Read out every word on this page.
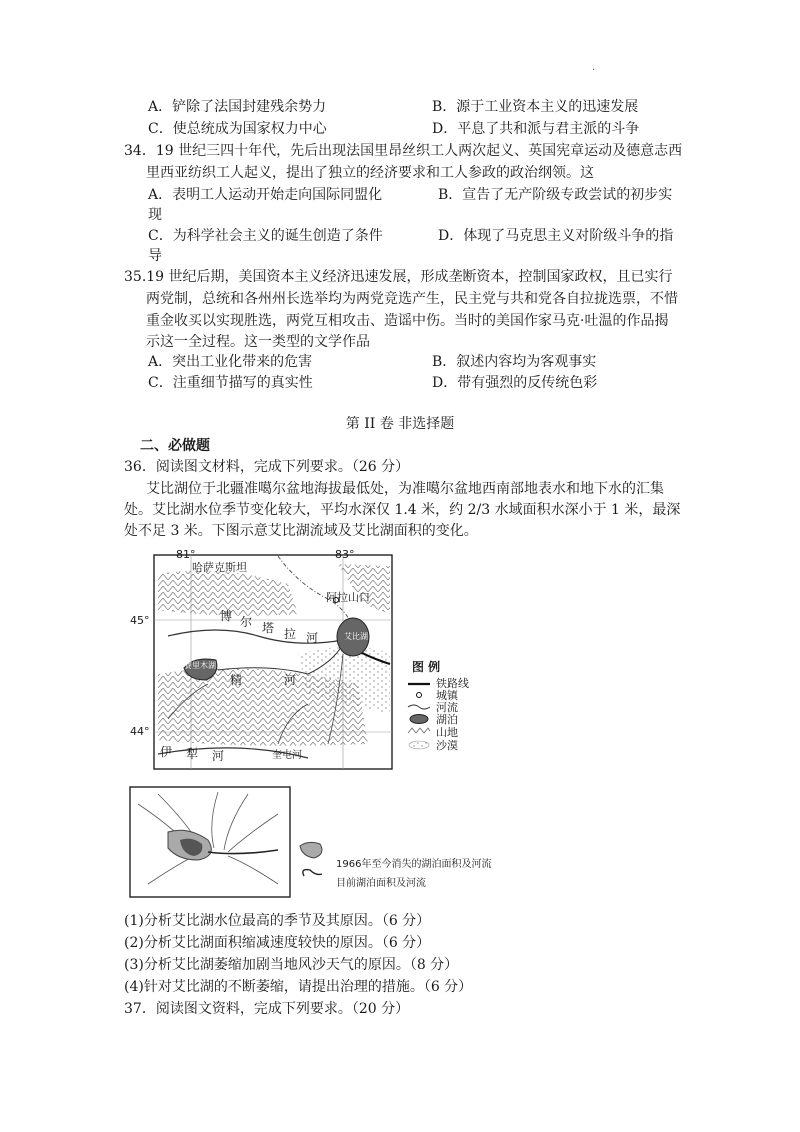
.
A．铲除了法国封建残余势力	B．源于工业资本主义的迅速发展
C．使总统成为国家权力中心	D．平息了共和派与君主派的斗争
34．19 世纪三四十年代，先后出现法国里昂丝织工人两次起义、英国宪章运动及德意志西
里西亚纺织工人起义，提出了独立的经济要求和工人参政的政治纲领。这
A．表明工人运动开始走向国际同盟化	B．宣告了无产阶级专政尝试的初步实
现
C．为科学社会主义的诞生创造了条件	D．体现了马克思主义对阶级斗争的指
导
35.19 世纪后期，美国资本主义经济迅速发展，形成垄断资本，控制国家政权，且已实行
两党制，总统和各州州长选举均为两党竞选产生，民主党与共和党各自拉拢选票，不惜
重金收买以实现胜选，两党互相攻击、造谣中伤。当时的美国作家马克·吐温的作品揭
示这一全过程。这一类型的文学作品
A．突出工业化带来的危害	B．叙述内容均为客观事实
C．注重细节描写的真实性	D．带有强烈的反传统色彩
第 II 卷 非选择题
二、必做题
36．阅读图文材料，完成下列要求。（26 分）
艾比湖位于北疆准噶尔盆地海拔最低处，为准噶尔盆地西南部地表水和地下水的汇集
处。艾比湖水位季节变化较大，平均水深仅 1.4 米，约 2/3 水域面积水深小于 1 米，最深
处不足 3 米。下图示意艾比湖流域及艾比湖面积的变化。
81°	83°
45°
44°
哈萨克斯坦
阿拉山口
艾比湖
赛里木湖
博 尔 塔 拉 河
精	河
伊 犁 河	奎屯河
图 例
铁路线
城镇
河流
湖泊
山地
沙漠
1966年至今消失的湖泊面积及河流
目前湖泊面积及河流
(1)分析艾比湖水位最高的季节及其原因。（6 分）
(2)分析艾比湖面积缩减速度较快的原因。（6 分）
(3)分析艾比湖萎缩加剧当地风沙天气的原因。（8 分）
(4)针对艾比湖的不断萎缩，请提出治理的措施。（6 分）
37．阅读图文资料，完成下列要求。（20 分）
